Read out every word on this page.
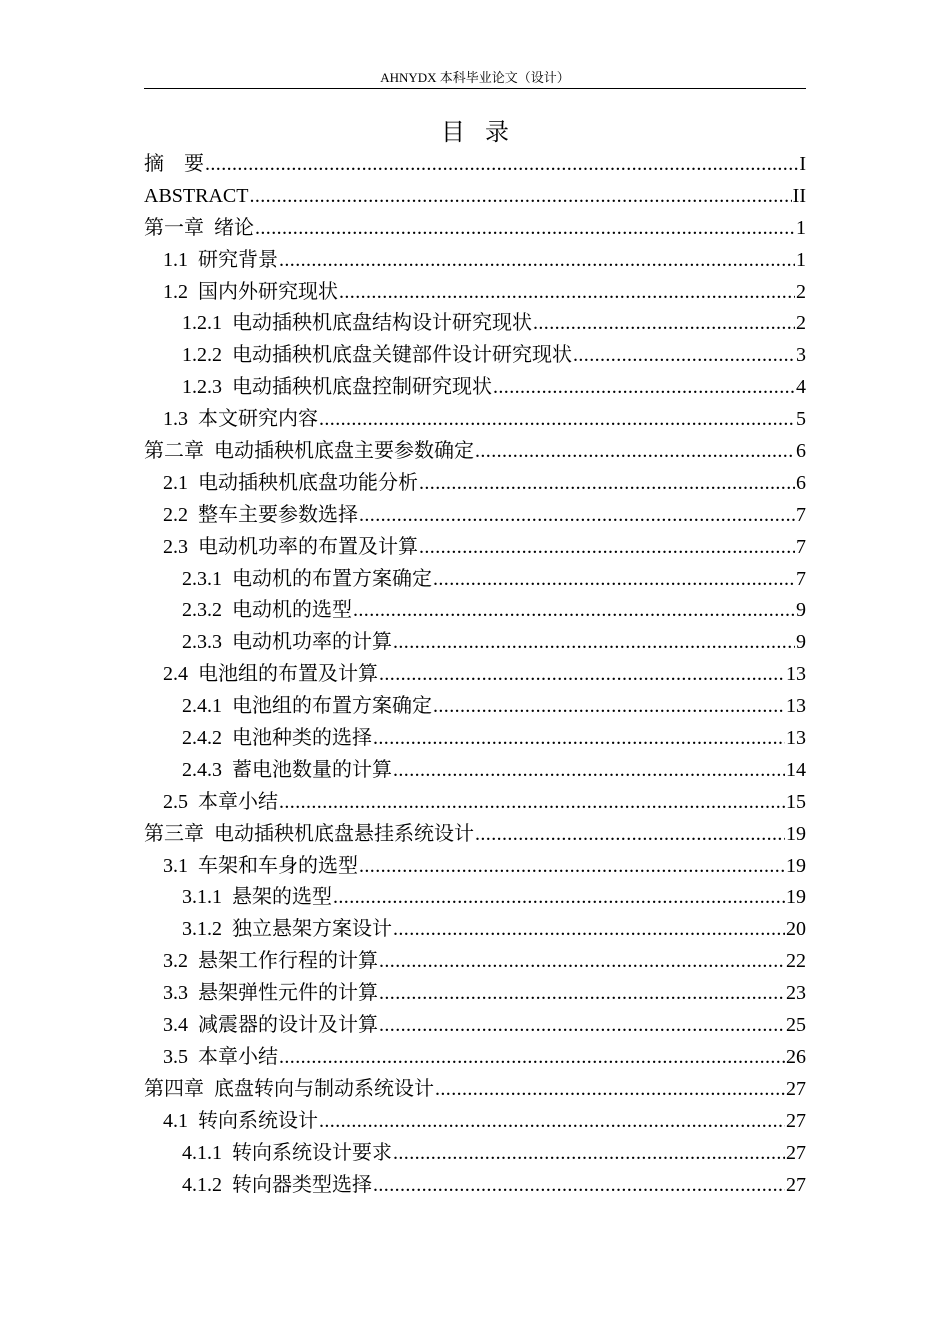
AHNYDX 本科毕业论文（设计）
目录
摘　要 .....	I
ABSTRACT .....	II
第一章 绪论 .....	1
1.1 研究背景 .....	1
1.2 国内外研究现状 .....	2
1.2.1 电动插秧机底盘结构设计研究现状 .....	2
1.2.2 电动插秧机底盘关键部件设计研究现状 .....	3
1.2.3 电动插秧机底盘控制研究现状 .....	4
1.3 本文研究内容 .....	5
第二章 电动插秧机底盘主要参数确定 .....	6
2.1 电动插秧机底盘功能分析 .....	6
2.2 整车主要参数选择 .....	7
2.3 电动机功率的布置及计算 .....	7
2.3.1 电动机的布置方案确定 .....	7
2.3.2 电动机的选型 .....	9
2.3.3 电动机功率的计算 .....	9
2.4 电池组的布置及计算 .....	13
2.4.1 电池组的布置方案确定 .....	13
2.4.2 电池种类的选择 .....	13
2.4.3 蓄电池数量的计算 .....	14
2.5 本章小结 .....	15
第三章 电动插秧机底盘悬挂系统设计 .....	19
3.1 车架和车身的选型 .....	19
3.1.1 悬架的选型 .....	19
3.1.2 独立悬架方案设计 .....	20
3.2 悬架工作行程的计算 .....	22
3.3 悬架弹性元件的计算 .....	23
3.4 减震器的设计及计算 .....	25
3.5 本章小结 .....	26
第四章 底盘转向与制动系统设计 .....	27
4.1 转向系统设计 .....	27
4.1.1 转向系统设计要求 .....	27
4.1.2 转向器类型选择 .....	27
